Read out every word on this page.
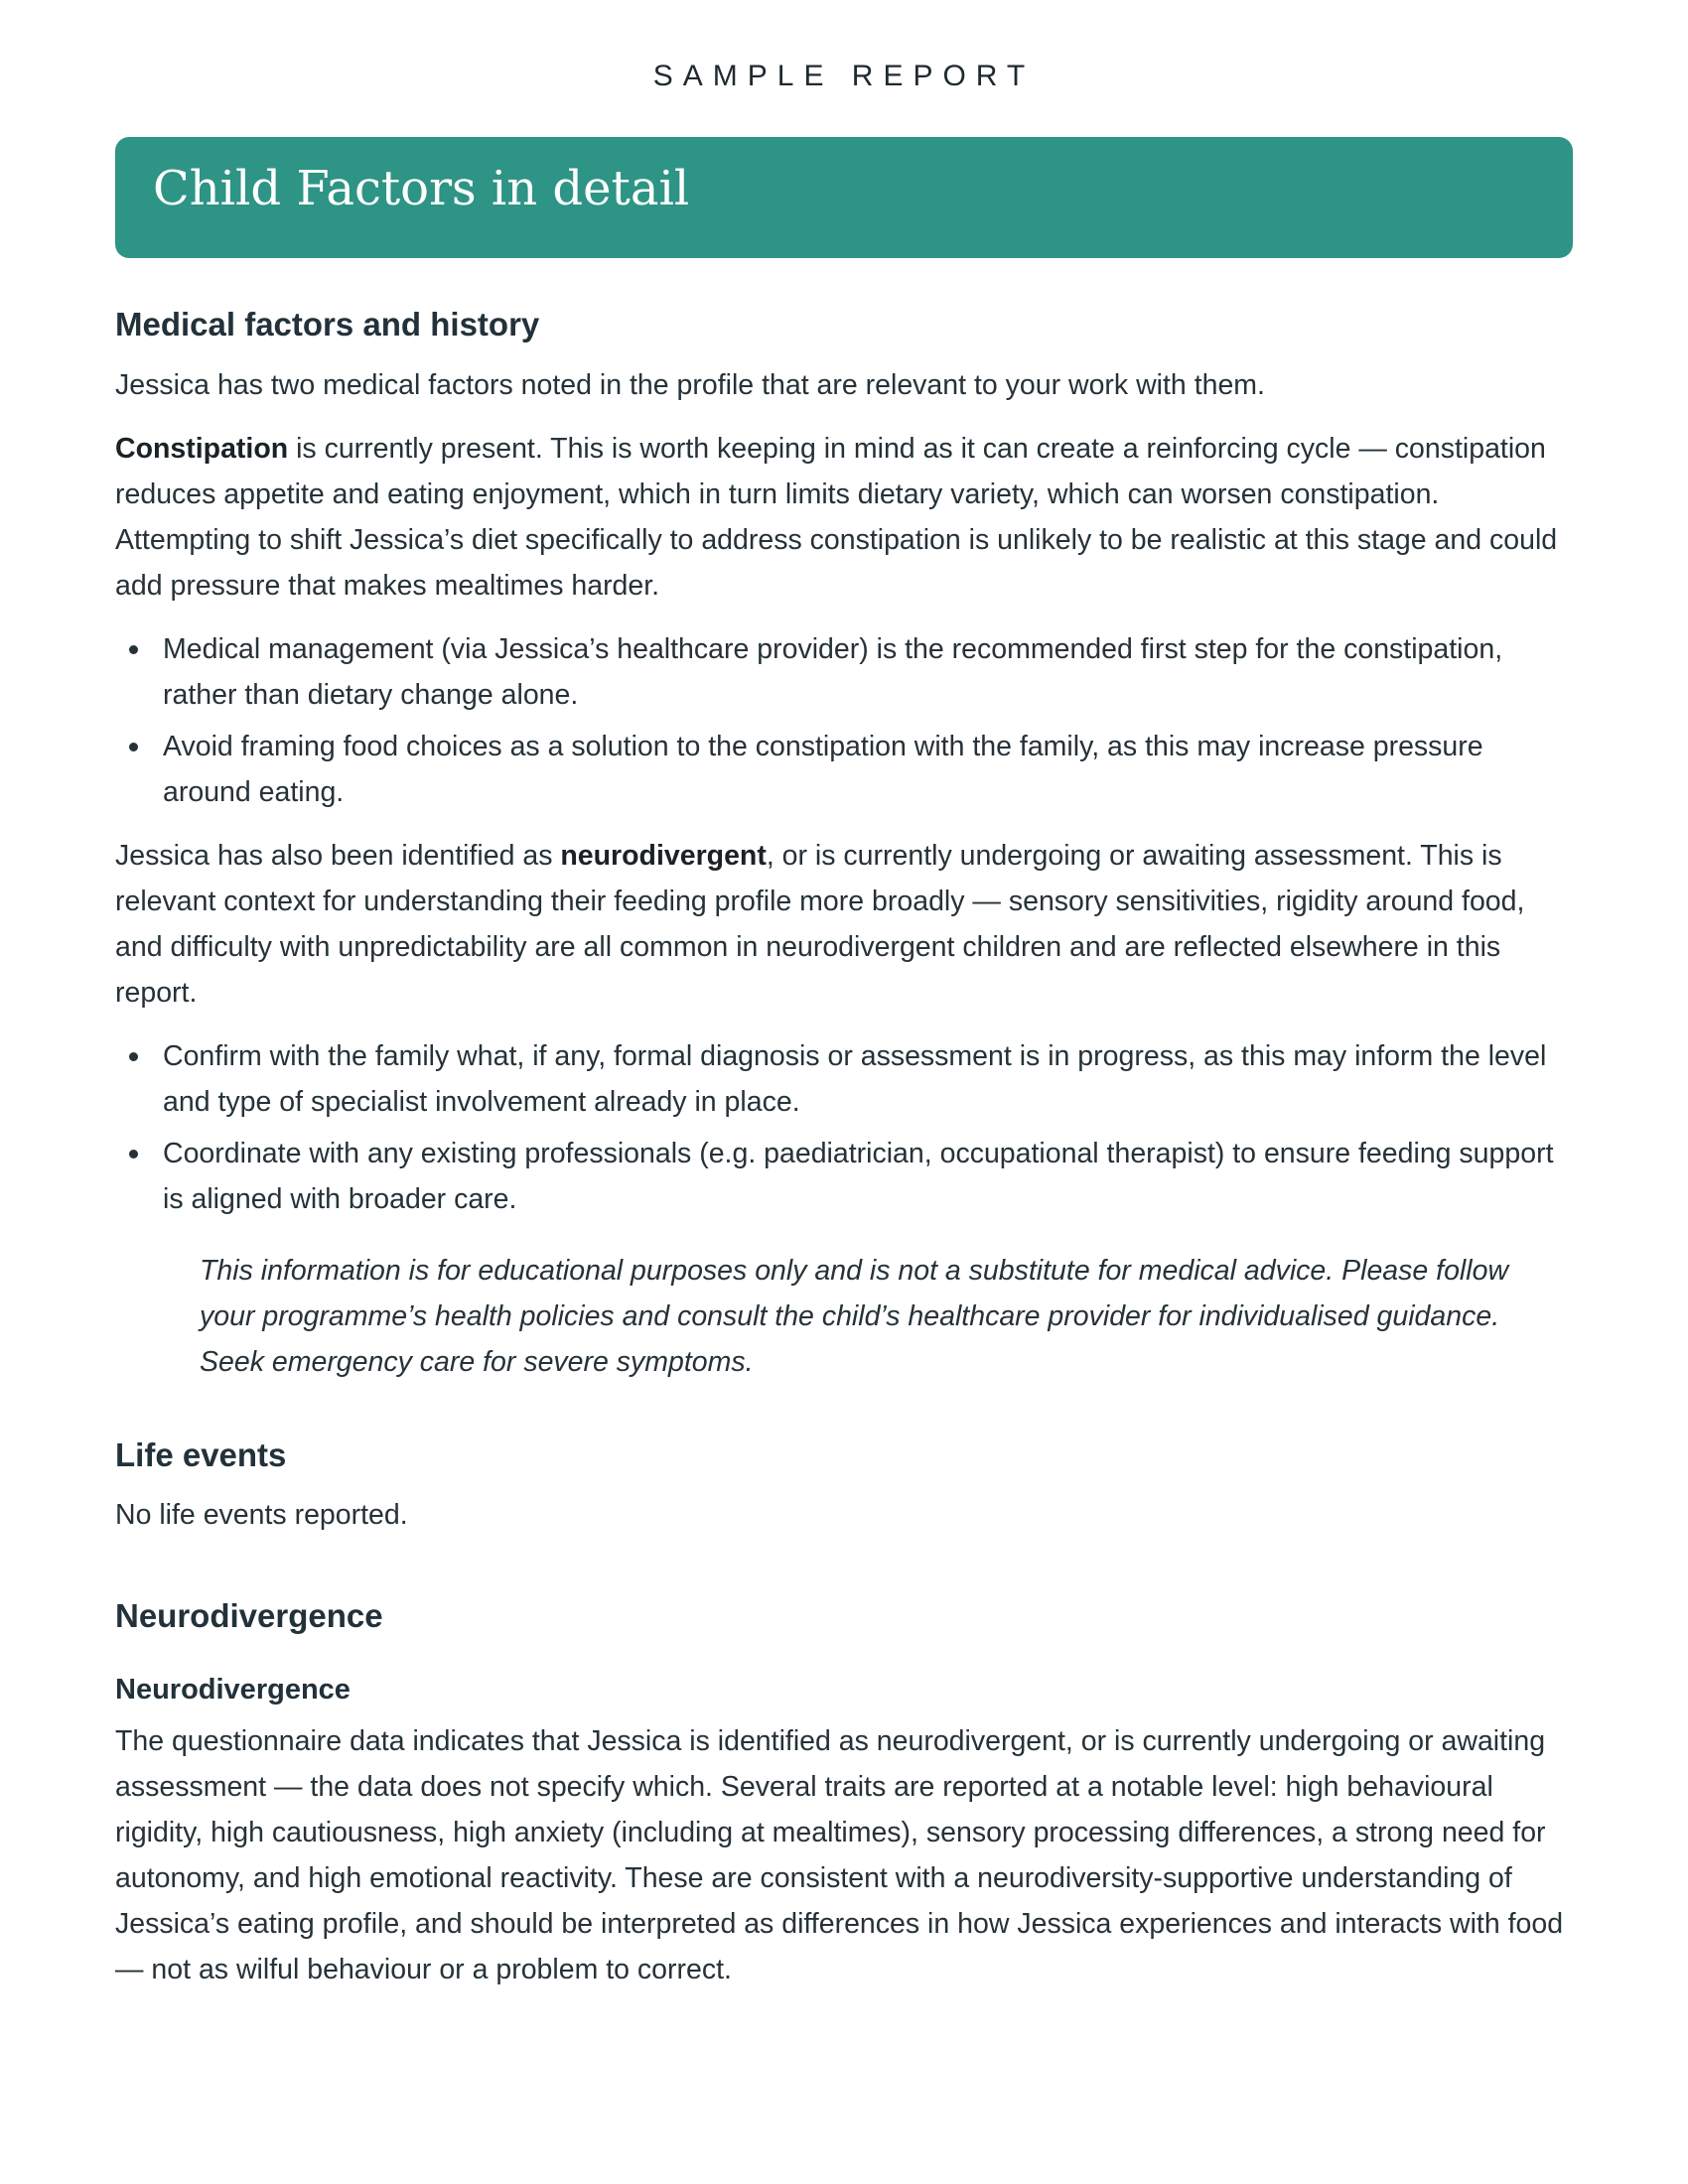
SAMPLE REPORT
Child Factors in detail
Medical factors and history

Jessica has two medical factors noted in the profile that are relevant to your work with them.

Constipation is currently present. This is worth keeping in mind as it can create a reinforcing cycle — constipation reduces appetite and eating enjoyment, which in turn limits dietary variety, which can worsen constipation. Attempting to shift Jessica’s diet specifically to address constipation is unlikely to be realistic at this stage and could add pressure that makes mealtimes harder.

Medical management (via Jessica’s healthcare provider) is the recommended first step for the constipation, rather than dietary change alone.
Avoid framing food choices as a solution to the constipation with the family, as this may increase pressure around eating.

Jessica has also been identified as neurodivergent, or is currently undergoing or awaiting assessment. This is relevant context for understanding their feeding profile more broadly — sensory sensitivities, rigidity around food, and difficulty with unpredictability are all common in neurodivergent children and are reflected elsewhere in this report.

Confirm with the family what, if any, formal diagnosis or assessment is in progress, as this may inform the level and type of specialist involvement already in place.
Coordinate with any existing professionals (e.g. paediatrician, occupational therapist) to ensure feeding support is aligned with broader care.

This information is for educational purposes only and is not a substitute for medical advice. Please follow your programme’s health policies and consult the child’s healthcare provider for individualised guidance. Seek emergency care for severe symptoms.

Life events

No life events reported.

Neurodivergence
Neurodivergence

The questionnaire data indicates that Jessica is identified as neurodivergent, or is currently undergoing or awaiting assessment — the data does not specify which. Several traits are reported at a notable level: high behavioural rigidity, high cautiousness, high anxiety (including at mealtimes), sensory processing differences, a strong need for autonomy, and high emotional reactivity. These are consistent with a neurodiversity-supportive understanding of Jessica’s eating profile, and should be interpreted as differences in how Jessica experiences and interacts with food — not as wilful behaviour or a problem to correct.
